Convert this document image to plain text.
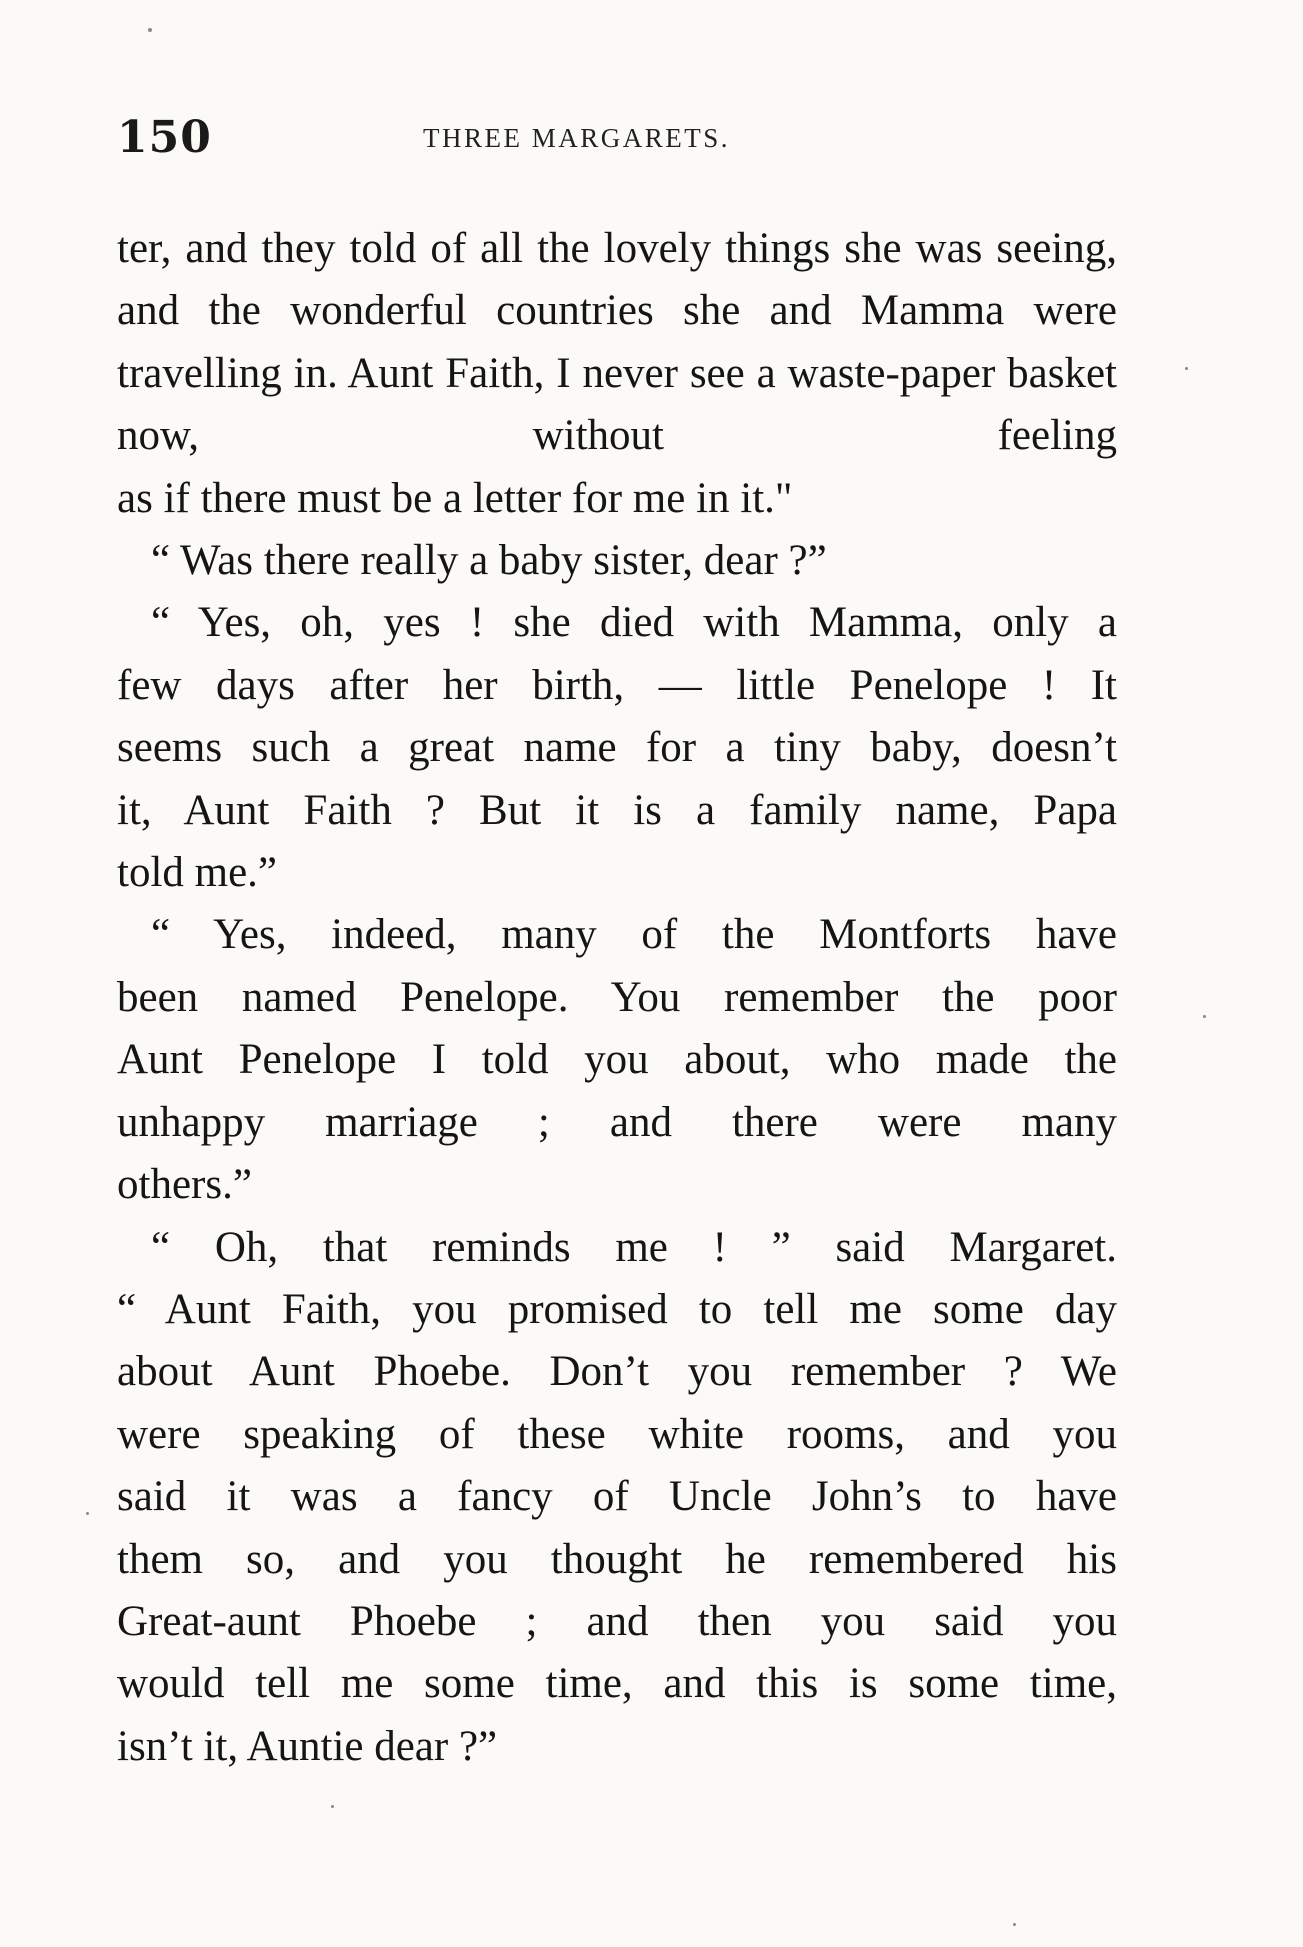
150	THREE MARGARETS.

ter, and they told of all the lovely things she was seeing, and the wonderful countries she and Mamma were travelling in. Aunt Faith, I never see a waste-paper basket now, without feeling

as if there must be a letter for me in it."

“ Was there really a baby sister, dear ?”

“ Yes, oh, yes ! she died with Mamma, only a

few days after her birth, — little Penelope ! It

seems such a great name for a tiny baby, doesn’t

it, Aunt Faith ? But it is a family name, Papa

told me.”

“ Yes, indeed, many of the Montforts have

been named Penelope. You remember the poor

Aunt Penelope I told you about, who made the

unhappy marriage ; and there were many

others.”

“ Oh, that reminds me ! ” said Margaret.

“ Aunt Faith, you promised to tell me some day

about Aunt Phoebe. Don’t you remember ? We

were speaking of these white rooms, and you

said it was a fancy of Uncle John’s to have

them so, and you thought he remembered his

Great-aunt Phoebe ; and then you said you

would tell me some time, and this is some time,

isn’t it, Auntie dear ?”
